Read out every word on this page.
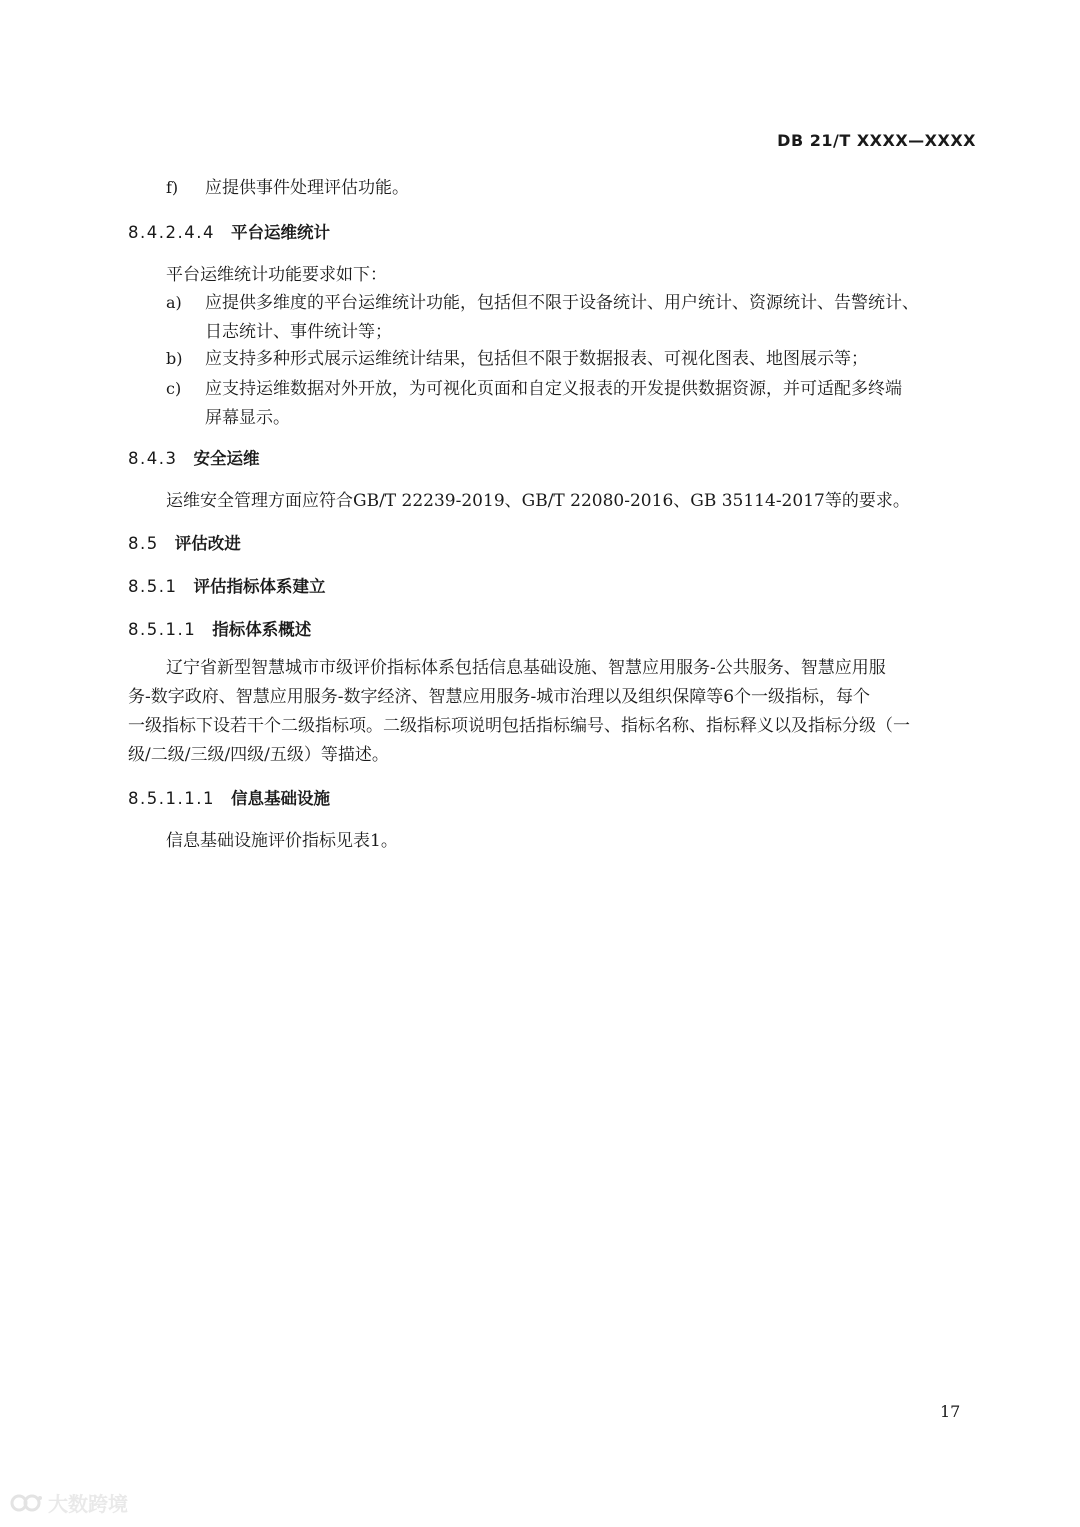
DB 21/T XXXX—XXXX
f) 应提供事件处理评估功能。
8.4.2.4.4 平台运维统计
平台运维统计功能要求如下：
a) 应提供多维度的平台运维统计功能，包括但不限于设备统计、用户统计、资源统计、告警统计、
日志统计、事件统计等；
b) 应支持多种形式展示运维统计结果，包括但不限于数据报表、可视化图表、地图展示等；
c) 应支持运维数据对外开放，为可视化页面和自定义报表的开发提供数据资源，并可适配多终端
屏幕显示。
8.4.3 安全运维
运维安全管理方面应符合GB/T 22239-2019、GB/T 22080-2016、GB 35114-2017等的要求。
8.5 评估改进
8.5.1 评估指标体系建立
8.5.1.1 指标体系概述
辽宁省新型智慧城市市级评价指标体系包括信息基础设施、智慧应用服务-公共服务、智慧应用服
务-数字政府、智慧应用服务-数字经济、智慧应用服务-城市治理以及组织保障等6个一级指标，每个
一级指标下设若干个二级指标项。二级指标项说明包括指标编号、指标名称、指标释义以及指标分级（一
级/二级/三级/四级/五级）等描述。
8.5.1.1.1 信息基础设施
信息基础设施评价指标见表1。
17
大数跨境
